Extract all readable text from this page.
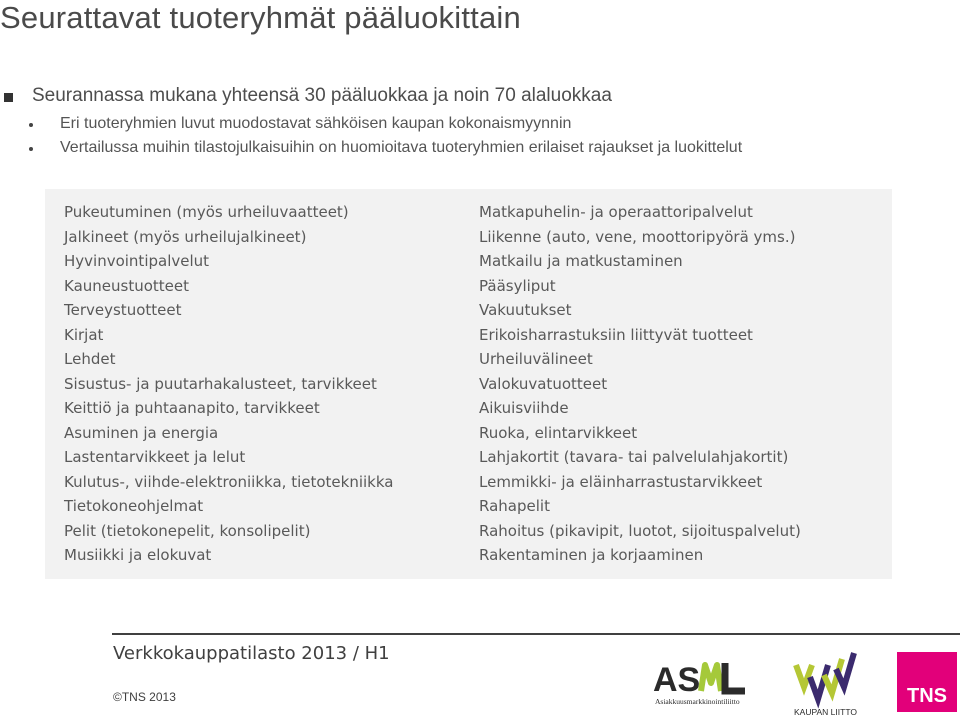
Seurattavat tuoteryhmät pääluokittain
Seurannassa mukana yhteensä 30 pääluokkaa ja noin 70 alaluokkaa
Eri tuoteryhmien luvut muodostavat sähköisen kaupan kokonaismyynnin
Vertailussa muihin tilastojulkaisuihin on huomioitava tuoteryhmien erilaiset rajaukset ja luokittelut
Pukeutuminen (myös urheiluvaatteet)
Jalkineet (myös urheilujalkineet)
Hyvinvointipalvelut
Kauneustuotteet
Terveystuotteet
Kirjat
Lehdet
Sisustus- ja puutarhakalusteet, tarvikkeet
Keittiö ja puhtaanapito, tarvikkeet
Asuminen ja energia
Lastentarvikkeet ja lelut
Kulutus-, viihde-elektroniikka, tietotekniikka
Tietokoneohjelmat
Pelit (tietokonepelit, konsolipelit)
Musiikki ja elokuvat
Matkapuhelin- ja operaattoripalvelut
Liikenne (auto, vene, moottoripyörä yms.)
Matkailu ja matkustaminen
Pääsyliput
Vakuutukset
Erikoisharrastuksiin liittyvät tuotteet
Urheiluvälineet
Valokuvatuotteet
Aikuisviihde
Ruoka, elintarvikkeet
Lahjakortit (tavara- tai palvelulahjakortit)
Lemmikki- ja eläinharrastustarvikkeet
Rahapelit
Rahoitus (pikavipit, luotot, sijoituspalvelut)
Rakentaminen ja korjaaminen
Verkkokauppatilasto 2013 / H1
©TNS 2013	AS
Asiakkuusmarkkinointiliitto
KAUPAN LIITTO
TNS
